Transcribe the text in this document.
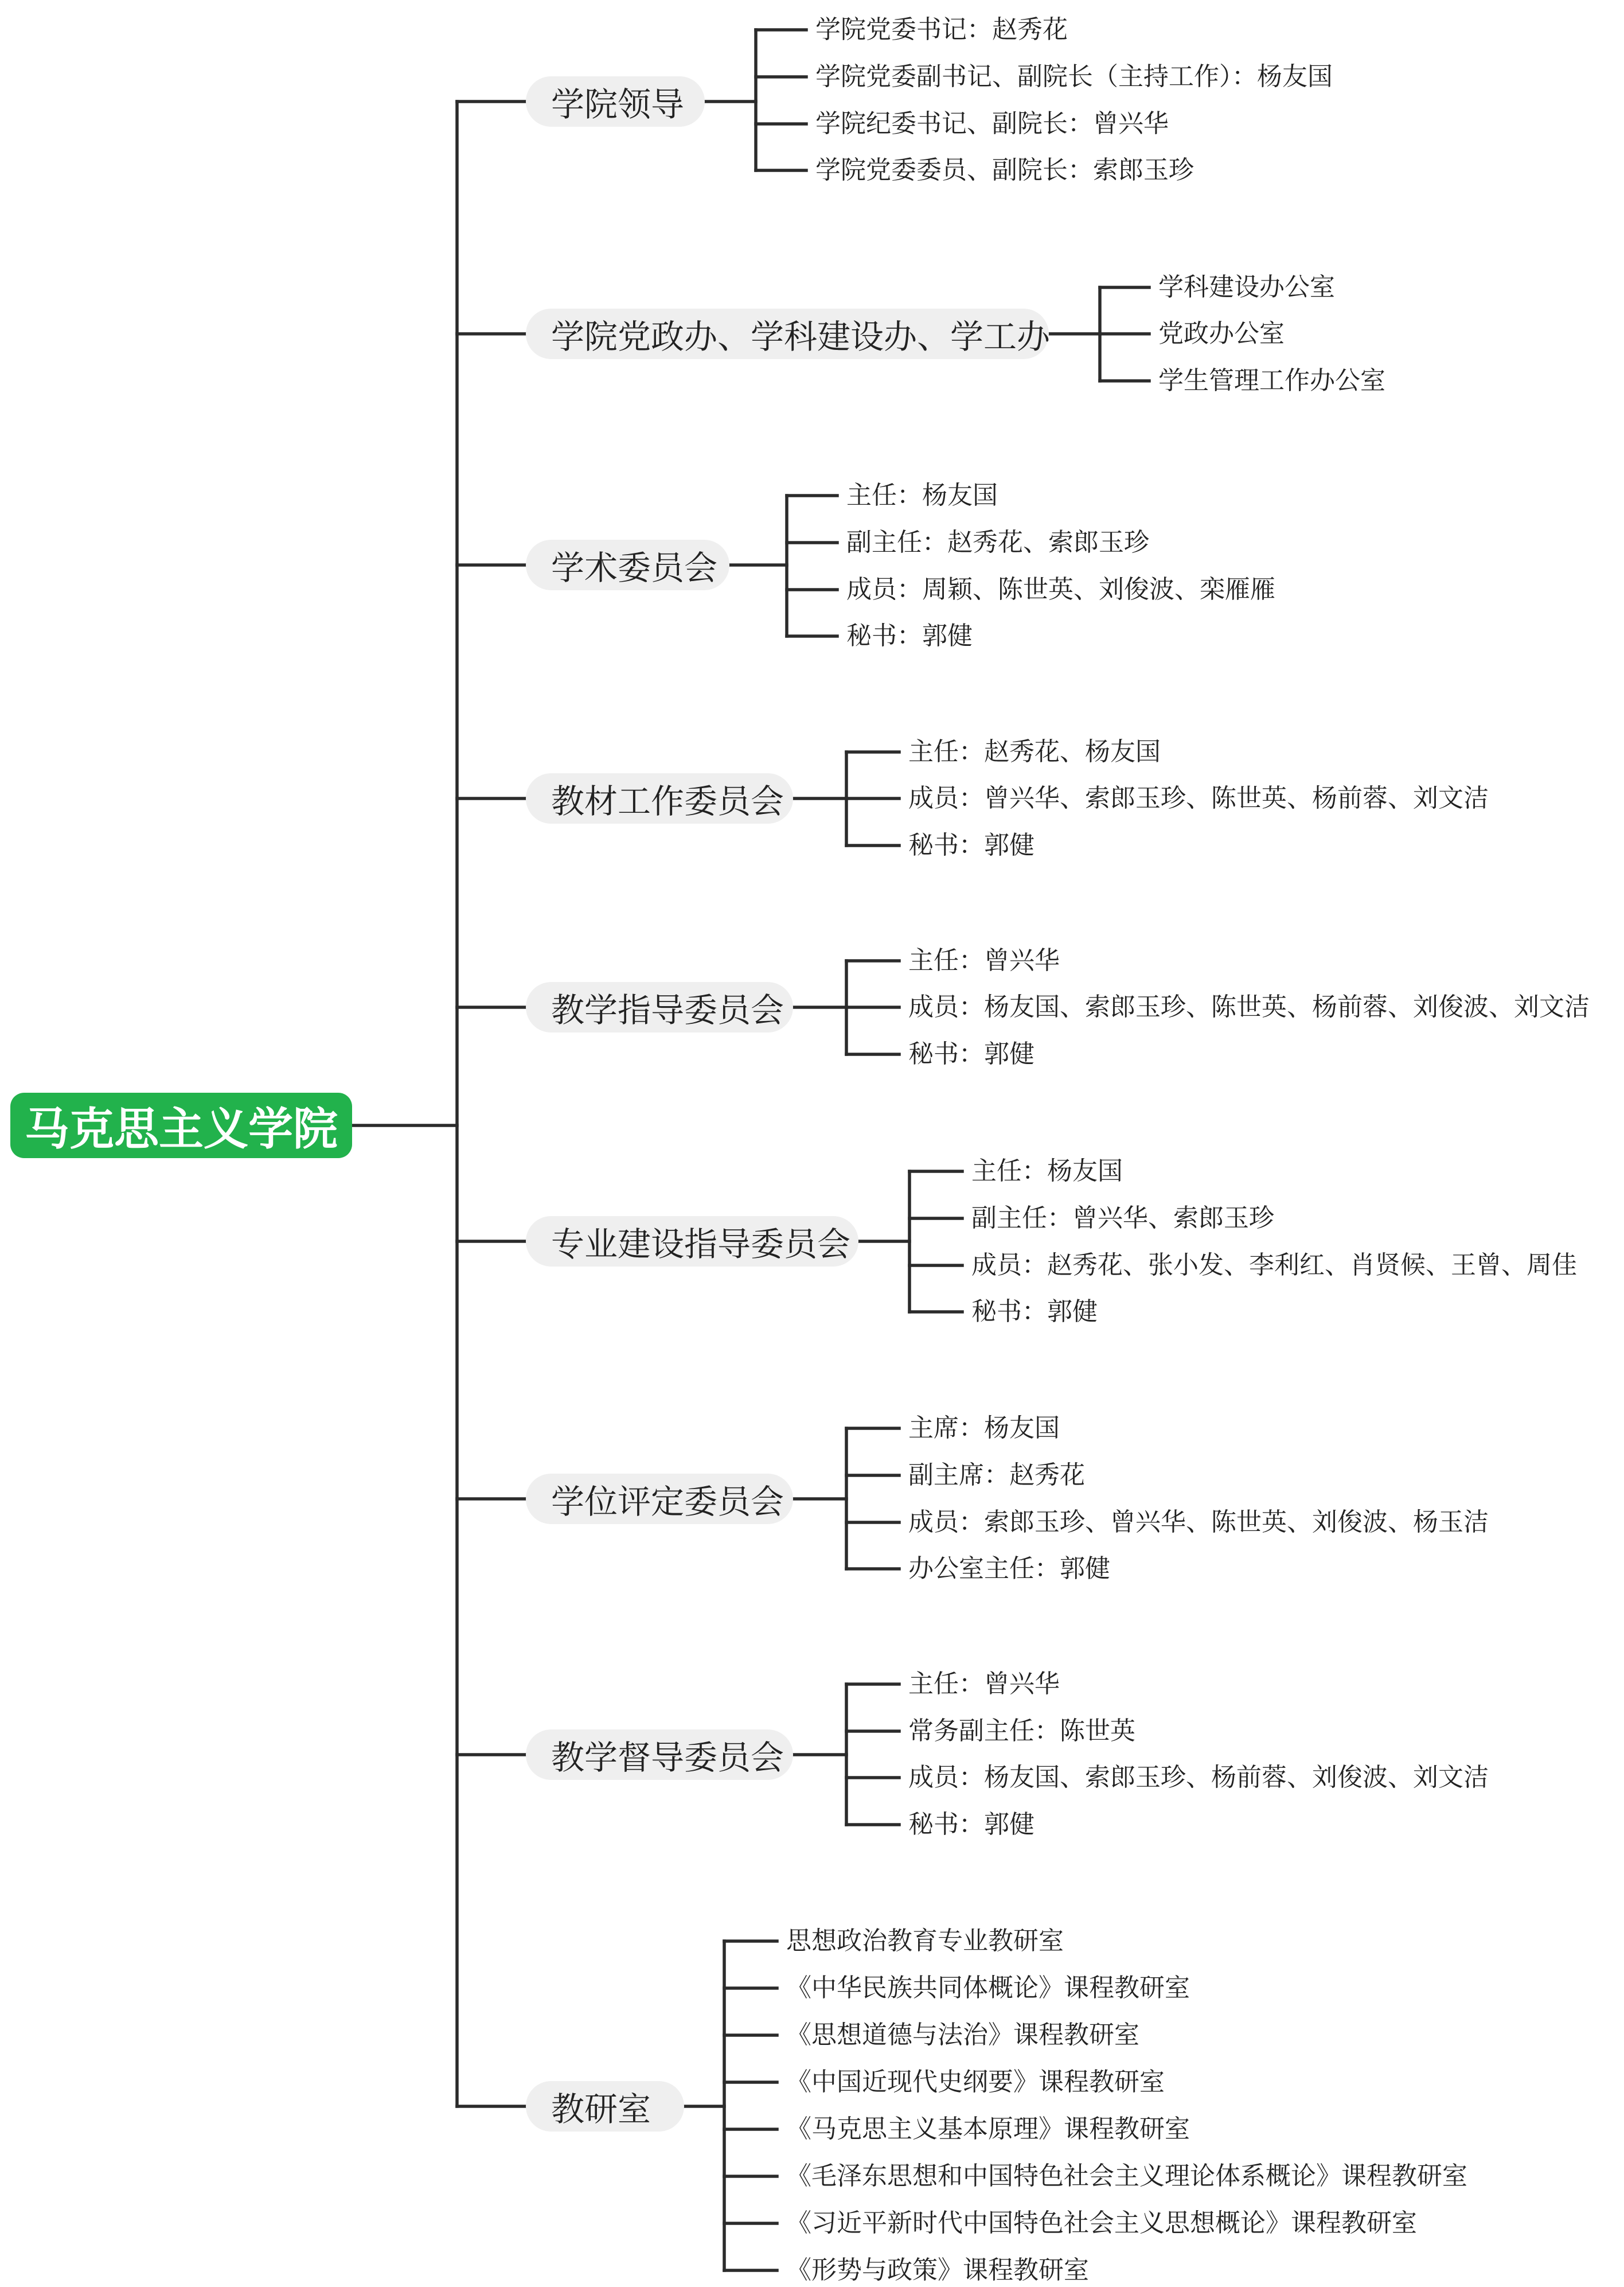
马克思主义学院
学院领导
学院党委书记：赵秀花
学院党委副书记、副院长（主持工作）：杨友国
学院纪委书记、副院长：曾兴华
学院党委委员、副院长：索郎玉珍
学院党政办、学科建设办、学工办
学科建设办公室
党政办公室
学生管理工作办公室
学术委员会
主任：杨友国
副主任：赵秀花、索郎玉珍
成员：周颖、陈世英、刘俊波、栾雁雁
秘书：郭健
教材工作委员会
主任：赵秀花、杨友国
成员：曾兴华、索郎玉珍、陈世英、杨前蓉、刘文洁
秘书：郭健
教学指导委员会
主任：曾兴华
成员：杨友国、索郎玉珍、陈世英、杨前蓉、刘俊波、刘文洁
秘书：郭健
专业建设指导委员会
主任：杨友国
副主任：曾兴华、索郎玉珍
成员：赵秀花、张小发、李利红、肖贤候、王曾、周佳
秘书：郭健
学位评定委员会
主席：杨友国
副主席：赵秀花
成员：索郎玉珍、曾兴华、陈世英、刘俊波、杨玉洁
办公室主任：郭健
教学督导委员会
主任：曾兴华
常务副主任：陈世英
成员：杨友国、索郎玉珍、杨前蓉、刘俊波、刘文洁
秘书：郭健
教研室
思想政治教育专业教研室
《中华民族共同体概论》课程教研室
《思想道德与法治》课程教研室
《中国近现代史纲要》课程教研室
《马克思主义基本原理》课程教研室
《毛泽东思想和中国特色社会主义理论体系概论》课程教研室
《习近平新时代中国特色社会主义思想概论》课程教研室
《形势与政策》课程教研室
